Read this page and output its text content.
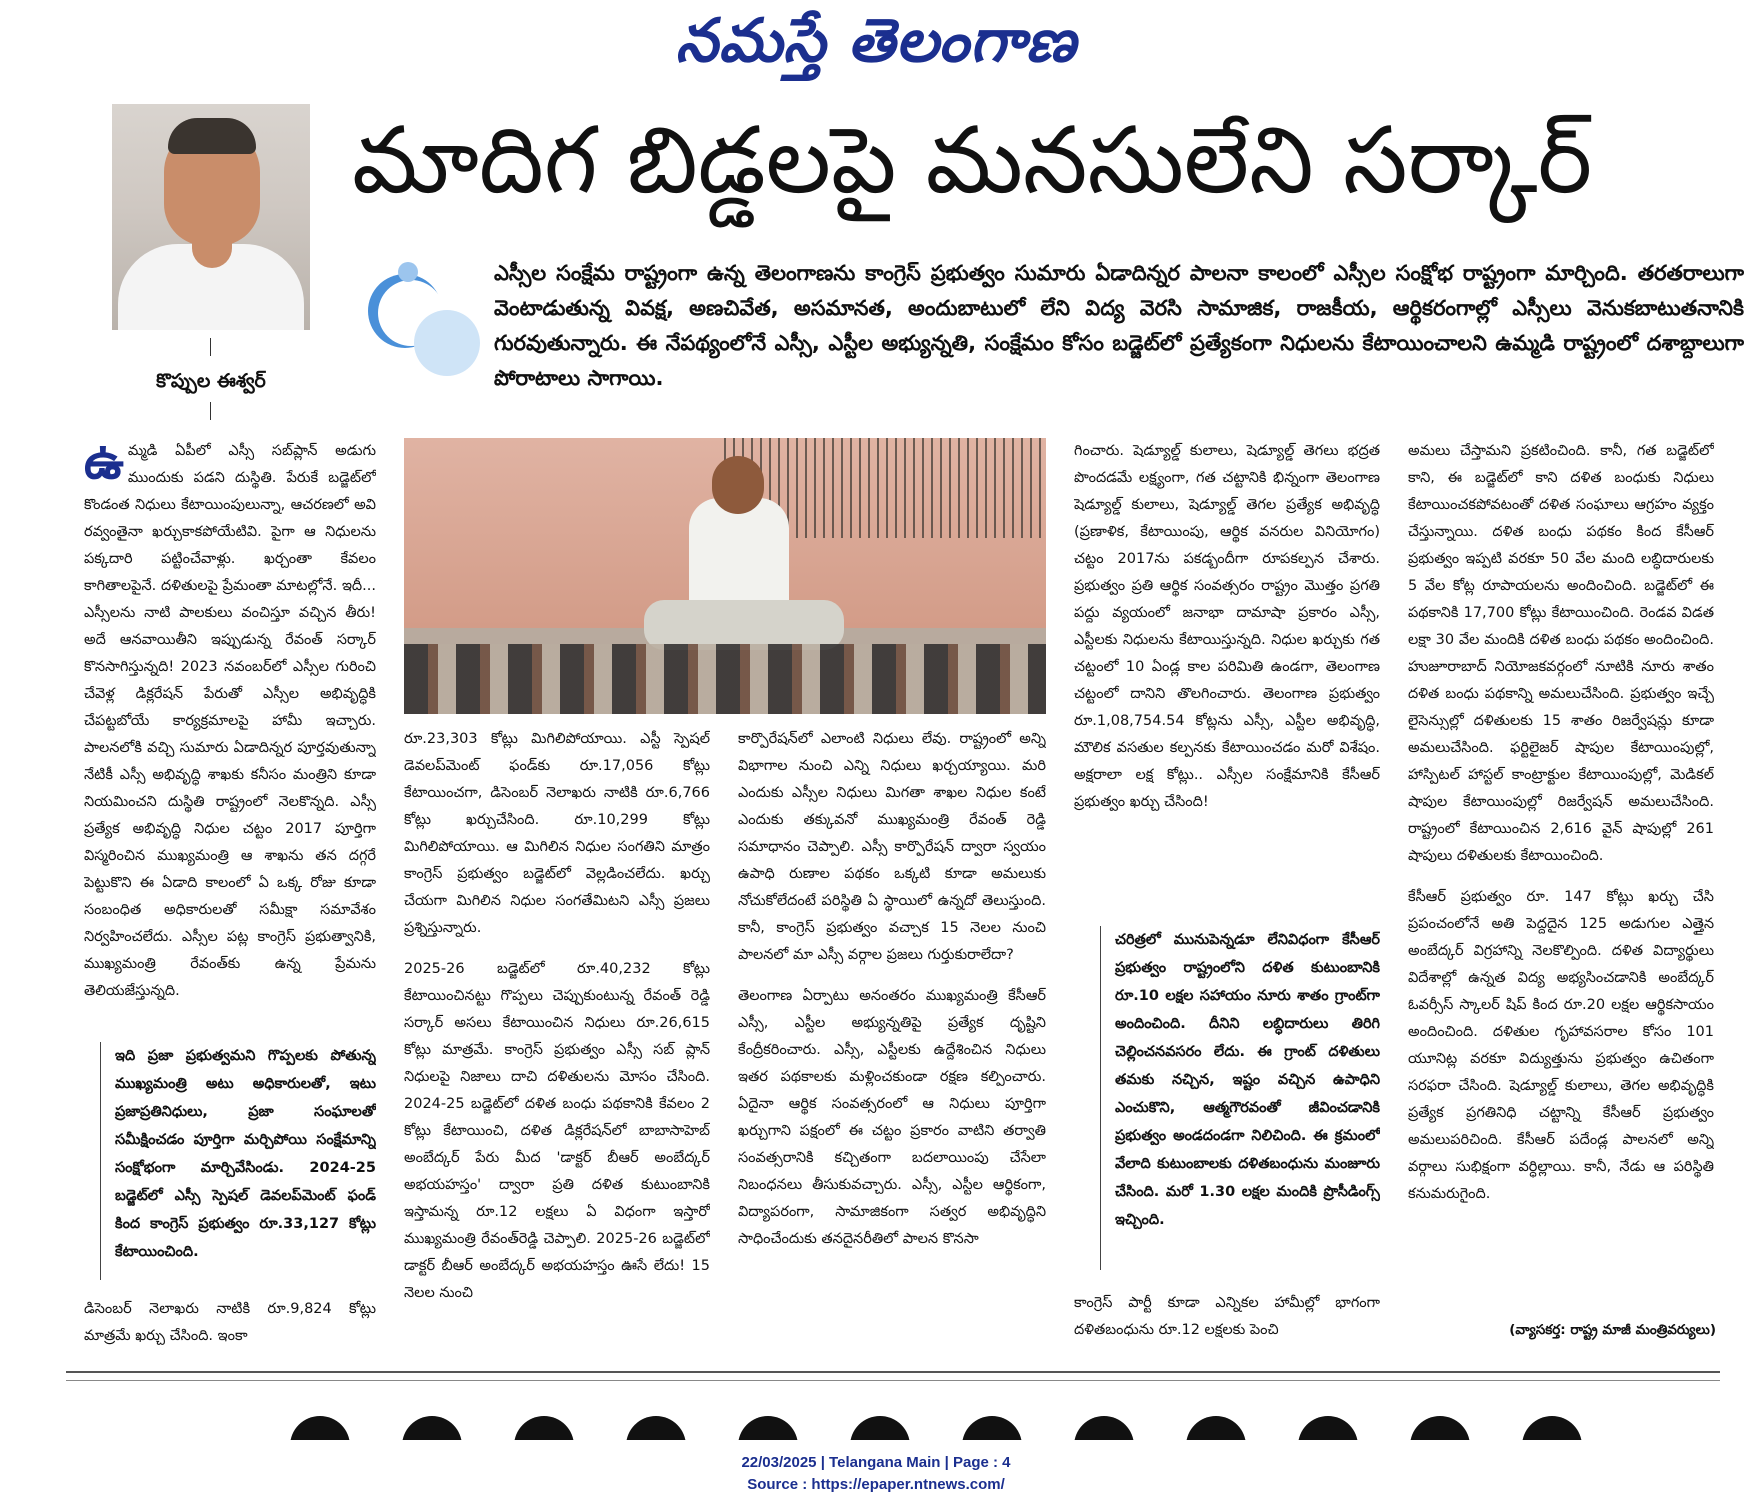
నమస్తే తెలంగాణ
కొప్పుల ఈశ్వర్
మాదిగ బిడ్డలపై మనసులేని సర్కార్
ఎస్సీల సంక్షేమ రాష్ట్రంగా ఉన్న తెలంగాణను కాంగ్రెస్ ప్రభుత్వం సుమారు ఏడాదిన్నర పాలనా కాలంలో ఎస్సీల సంక్షోభ రాష్ట్రంగా మార్చింది. తరతరాలుగా వెంటాడుతున్న వివక్ష, అణచివేత, అసమానత, అందుబాటులో లేని విద్య వెరసి సామాజిక, రాజకీయ, ఆర్థికరంగాల్లో ఎస్సీలు వెనుకబాటుతనానికి గురవుతున్నారు. ఈ నేపథ్యంలోనే ఎస్సీ, ఎస్టీల అభ్యున్నతి, సంక్షేమం కోసం బడ్జెట్‌లో ప్రత్యేకంగా నిధులను కేటాయించాలని ఉమ్మడి రాష్ట్రంలో దశాబ్దాలుగా పోరాటాలు సాగాయి.

ఉ మ్మడి ఏపీలో ఎస్సీ సబ్‌ప్లాన్ అడుగు ముందుకు పడని దుస్థితి. పేరుకే బడ్జెట్‌లో కొండంత నిధులు కేటాయింపులున్నా, ఆచరణలో అవి రవ్వంతైనా ఖర్చుకాకపోయేటివి. పైగా ఆ నిధులను పక్కదారి పట్టించేవాళ్లు. ఖర్చంతా కేవలం కాగితాలపైనే. దళితులపై ప్రేమంతా మాటల్లోనే. ఇదీ... ఎస్సీలను నాటి పాలకులు వంచిస్తూ వచ్చిన తీరు! అదే ఆనవాయితీని ఇప్పుడున్న రేవంత్ సర్కార్ కొనసాగిస్తున్నది! 2023 నవంబర్‌లో ఎస్సీల గురించి చేవెళ్ల డిక్లరేషన్ పేరుతో ఎస్సీల అభివృద్ధికి చేపట్టబోయే కార్యక్రమాలపై హామీ ఇచ్చారు. పాలనలోకి వచ్చి సుమారు ఏడాదిన్నర పూర్తవుతున్నా నేటికీ ఎస్సీ అభివృద్ధి శాఖకు కనీసం మంత్రిని కూడా నియమించని దుస్థితి రాష్ట్రంలో నెలకొన్నది. ఎస్సీ ప్రత్యేక అభివృద్ధి నిధుల చట్టం 2017 పూర్తిగా విస్మరించిన ముఖ్యమంత్రి ఆ శాఖను తన దగ్గరే పెట్టుకొని ఈ ఏడాది కాలంలో ఏ ఒక్క రోజు కూడా సంబంధిత అధికారులతో సమీక్షా సమావేశం నిర్వహించలేదు. ఎస్సీల పట్ల కాంగ్రెస్ ప్రభుత్వానికి, ముఖ్యమంత్రి రేవంత్‌కు ఉన్న ప్రేమను తెలియజేస్తున్నది.

ఇది ప్రజా ప్రభుత్వమని గొప్పలకు పోతున్న ముఖ్యమంత్రి అటు అధికారులతో, ఇటు ప్రజాప్రతినిధులు, ప్రజా సంఘాలతో సమీక్షించడం పూర్తిగా మర్చిపోయి సంక్షేమాన్ని సంక్షోభంగా మార్చివేసిండు. 2024-25 బడ్జెట్‌లో ఎస్సీ స్పెషల్ డెవలప్‌మెంట్ ఫండ్ కింద కాంగ్రెస్ ప్రభుత్వం రూ.33,127 కోట్లు కేటాయించింది.

డిసెంబర్ నెలాఖరు నాటికి రూ.9,824 కోట్లు మాత్రమే ఖర్చు చేసింది. ఇంకా

రూ.23,303 కోట్లు మిగిలిపోయాయి. ఎస్టీ స్పెషల్ డెవలప్‌మెంట్ ఫండ్‌కు రూ.17,056 కోట్లు కేటాయించగా, డిసెంబర్ నెలాఖరు నాటికి రూ.6,766 కోట్లు ఖర్చుచేసింది. రూ.10,299 కోట్లు మిగిలిపోయాయి. ఆ మిగిలిన నిధుల సంగతిని మాత్రం కాంగ్రెస్ ప్రభుత్వం బడ్జెట్‌లో వెల్లడించలేదు. ఖర్చు చేయగా మిగిలిన నిధుల సంగతేమిటని ఎస్సీ ప్రజలు ప్రశ్నిస్తున్నారు.

2025-26 బడ్జెట్‌లో రూ.40,232 కోట్లు కేటాయించినట్టు గొప్పలు చెప్పుకుంటున్న రేవంత్ రెడ్డి సర్కార్ అసలు కేటాయించిన నిధులు రూ.26,615 కోట్లు మాత్రమే. కాంగ్రెస్ ప్రభుత్వం ఎస్సీ సబ్ ప్లాన్ నిధులపై నిజాలు దాచి దళితులను మోసం చేసింది. 2024-25 బడ్జెట్‌లో దళిత బంధు పథకానికి కేవలం 2 కోట్లు కేటాయించి, దళిత డిక్లరేషన్‌లో బాబాసాహెబ్ అంబేద్కర్ పేరు మీద 'డాక్టర్ బీఆర్ అంబేద్కర్ అభయహస్తం' ద్వారా ప్రతి దళిత కుటుంబానికి ఇస్తామన్న రూ.12 లక్షలు ఏ విధంగా ఇస్తారో ముఖ్యమంత్రి రేవంత్‌రెడ్డి చెప్పాలి. 2025-26 బడ్జెట్‌లో డాక్టర్ బీఆర్ అంబేద్కర్ అభయహస్తం ఊసే లేదు! 15 నెలల నుంచి

కార్పొరేషన్‌లో ఎలాంటి నిధులు లేవు. రాష్ట్రంలో అన్ని విభాగాల నుంచి ఎన్ని నిధులు ఖర్చయ్యాయి. మరి ఎందుకు ఎస్సీల నిధులు మిగతా శాఖల నిధుల కంటే ఎందుకు తక్కువనో ముఖ్యమంత్రి రేవంత్ రెడ్డి సమాధానం చెప్పాలి. ఎస్సీ కార్పొరేషన్ ద్వారా స్వయం ఉపాధి రుణాల పథకం ఒక్కటి కూడా అమలుకు నోచుకోలేదంటే పరిస్థితి ఏ స్థాయిలో ఉన్నదో తెలుస్తుంది. కానీ, కాంగ్రెస్ ప్రభుత్వం వచ్చాక 15 నెలల నుంచి పాలనలో మా ఎస్సీ వర్గాల ప్రజలు గుర్తుకురాలేదా?

తెలంగాణ ఏర్పాటు అనంతరం ముఖ్యమంత్రి కేసీఆర్ ఎస్సీ, ఎస్టీల అభ్యున్నతిపై ప్రత్యేక దృష్టిని కేంద్రీకరించారు. ఎస్సీ, ఎస్టీలకు ఉద్దేశించిన నిధులు ఇతర పథకాలకు మళ్లించకుండా రక్షణ కల్పించారు. ఏదైనా ఆర్థిక సంవత్సరంలో ఆ నిధులు పూర్తిగా ఖర్చుగాని పక్షంలో ఈ చట్టం ప్రకారం వాటిని తర్వాతి సంవత్సరానికి కచ్చితంగా బదలాయింపు చేసేలా నిబంధనలు తీసుకువచ్చారు. ఎస్సీ, ఎస్టీల ఆర్థికంగా, విద్యాపరంగా, సామాజికంగా సత్వర అభివృద్ధిని సాధించేందుకు తనదైనరీతిలో పాలన కొనసా

గించారు. షెడ్యూల్డ్ కులాలు, షెడ్యూల్డ్ తెగలు భద్రత పొందడమే లక్ష్యంగా, గత చట్టానికి భిన్నంగా తెలంగాణ షెడ్యూల్డ్ కులాలు, షెడ్యూల్డ్ తెగల ప్రత్యేక అభివృద్ధి (ప్రణాళిక, కేటాయింపు, ఆర్థిక వనరుల వినియోగం) చట్టం 2017ను పకడ్బందీగా రూపకల్పన చేశారు. ప్రభుత్వం ప్రతి ఆర్థిక సంవత్సరం రాష్ట్రం మొత్తం ప్రగతి పద్దు వ్యయంలో జనాభా దామాషా ప్రకారం ఎస్సీ, ఎస్టీలకు నిధులను కేటాయిస్తున్నది. నిధుల ఖర్చుకు గత చట్టంలో 10 ఏండ్ల కాల పరిమితి ఉండగా, తెలంగాణ చట్టంలో దానిని తొలగించారు. తెలంగాణ ప్రభుత్వం రూ.1,08,754.54 కోట్లను ఎస్సీ, ఎస్టీల అభివృద్ధి, మౌలిక వసతుల కల్పనకు కేటాయించడం మరో విశేషం. అక్షరాలా లక్ష కోట్లు.. ఎస్సీల సంక్షేమానికి కేసీఆర్ ప్రభుత్వం ఖర్చు చేసింది!

చరిత్రలో మునుపెన్నడూ లేనివిధంగా కేసీఆర్ ప్రభుత్వం రాష్ట్రంలోని దళిత కుటుంబానికి రూ.10 లక్షల సహాయం నూరు శాతం గ్రాంట్‌గా అందించింది. దీనిని లబ్ధిదారులు తిరిగి చెల్లించనవసరం లేదు. ఈ గ్రాంట్ దళితులు తమకు నచ్చిన, ఇష్టం వచ్చిన ఉపాధిని ఎంచుకొని, ఆత్మగౌరవంతో జీవించడానికి ప్రభుత్వం అండదండగా నిలిచింది. ఈ క్రమంలో వేలాది కుటుంబాలకు దళితబంధును మంజూరు చేసింది. మరో 1.30 లక్షల మందికి ప్రొసీడింగ్స్ ఇచ్చింది.

కాంగ్రెస్ పార్టీ కూడా ఎన్నికల హామీల్లో భాగంగా దళితబంధును రూ.12 లక్షలకు పెంచి

అమలు చేస్తామని ప్రకటించింది. కానీ, గత బడ్జెట్‌లో కాని, ఈ బడ్జెట్‌లో కాని దళిత బంధుకు నిధులు కేటాయించకపోవటంతో దళిత సంఘాలు ఆగ్రహం వ్యక్తం చేస్తున్నాయి. దళిత బంధు పథకం కింద కేసీఆర్ ప్రభుత్వం ఇప్పటి వరకూ 50 వేల మంది లబ్ధిదారులకు 5 వేల కోట్ల రూపాయలను అందించింది. బడ్జెట్‌లో ఈ పథకానికి 17,700 కోట్లు కేటాయించింది. రెండవ విడత లక్షా 30 వేల మందికి దళిత బంధు పథకం అందించింది. హుజూరాబాద్ నియోజకవర్గంలో నూటికి నూరు శాతం దళిత బంధు పథకాన్ని అమలుచేసింది. ప్రభుత్వం ఇచ్చే లైసెన్సుల్లో దళితులకు 15 శాతం రిజర్వేషన్లు కూడా అమలుచేసింది. ఫర్టిలైజర్ షాపుల కేటాయింపుల్లో, హాస్పిటల్ హాస్టల్ కాంట్రాక్టుల కేటాయింపుల్లో, మెడికల్ షాపుల కేటాయింపుల్లో రిజర్వేషన్ అమలుచేసింది. రాష్ట్రంలో కేటాయించిన 2,616 వైన్ షాపుల్లో 261 షాపులు దళితులకు కేటాయించింది.

కేసీఆర్ ప్రభుత్వం రూ. 147 కోట్లు ఖర్చు చేసి ప్రపంచంలోనే అతి పెద్దదైన 125 అడుగుల ఎత్తైన అంబేద్కర్ విగ్రహాన్ని నెలకొల్పింది. దళిత విద్యార్థులు విదేశాల్లో ఉన్నత విద్య అభ్యసించడానికి అంబేద్కర్ ఓవర్సీస్ స్కాలర్ షిప్ కింద రూ.20 లక్షల ఆర్థికసాయం అందించింది. దళితుల గృహావసరాల కోసం 101 యూనిట్ల వరకూ విద్యుత్తును ప్రభుత్వం ఉచితంగా సరఫరా చేసింది. షెడ్యూల్డ్ కులాలు, తెగల అభివృద్ధికి ప్రత్యేక ప్రగతినిధి చట్టాన్ని కేసీఆర్ ప్రభుత్వం అమలుపరిచింది. కేసీఆర్ పదేండ్ల పాలనలో అన్ని వర్గాలు సుభిక్షంగా వర్ధిల్లాయి. కానీ, నేడు ఆ పరిస్థితి కనుమరుగైంది.

(వ్యాసకర్త: రాష్ట్ర మాజీ మంత్రివర్యులు)
22/03/2025 | Telangana Main | Page : 4
Source : https://epaper.ntnews.com/
